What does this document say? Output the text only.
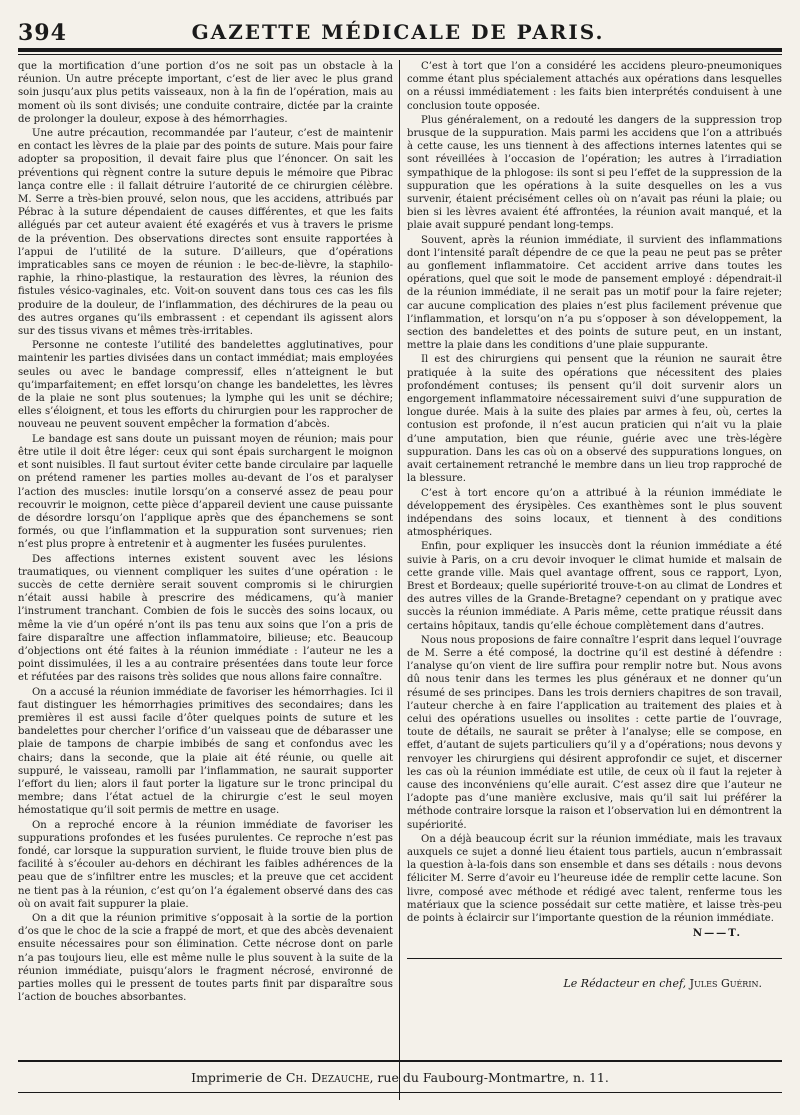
394	GAZETTE MÉDICALE DE PARIS.

que la mortification d’une portion d’os ne soit pas un obstacle à la réunion. Un autre précepte important, c’est de lier avec le plus grand soin jusqu’aux plus petits vaisseaux, non à la fin de l’opération, mais au moment où ils sont divisés; une conduite contraire, dictée par la crainte de prolonger la douleur, expose à des hémorrhagies.

Une autre précaution, recommandée par l’auteur, c’est de maintenir en contact les lèvres de la plaie par des points de suture. Mais pour faire adopter sa proposition, il devait faire plus que l’énoncer. On sait les préventions qui règnent contre la suture depuis le mémoire que Pibrac lança contre elle : il fallait détruire l’autorité de ce chirurgien célèbre. M. Serre a très-bien prouvé, selon nous, que les accidens, attribués par Pébrac à la suture dépendaient de causes différentes, et que les faits allégués par cet auteur avaient été exagérés et vus à travers le prisme de la prévention. Des observations directes sont ensuite rapportées à l’appui de l’utilité de la suture. D’ailleurs, que d’opérations impraticables sans ce moyen de réunion : le bec-de-lièvre, la staphilo-raphie, la rhino-plastique, la restauration des lèvres, la réunion des fistules vésico-vaginales, etc. Voit-on souvent dans tous ces cas les fils produire de la douleur, de l’inflammation, des déchirures de la peau ou des autres organes qu’ils embrassent : et cependant ils agissent alors sur des tissus vivans et mêmes très-irritables.

Personne ne conteste l’utilité des bandelettes agglutinatives, pour maintenir les parties divisées dans un contact immédiat; mais employées seules ou avec le bandage compressif, elles n’atteignent le but qu’imparfaitement; en effet lorsqu’on change les bandelettes, les lèvres de la plaie ne sont plus soutenues; la lymphe qui les unit se déchire; elles s’éloignent, et tous les efforts du chirurgien pour les rapprocher de nouveau ne peuvent souvent empêcher la formation d’abcès.

Le bandage est sans doute un puissant moyen de réunion; mais pour être utile il doit être léger: ceux qui sont épais surchargent le moignon et sont nuisibles. Il faut surtout éviter cette bande circulaire par laquelle on prétend ramener les parties molles au-devant de l’os et paralyser l’action des muscles: inutile lorsqu’on a conservé assez de peau pour recouvrir le moignon, cette pièce d’appareil devient une cause puissante de désordre lorsqu’on l’applique après que des épanchemens se sont formés, ou que l’inflammation et la suppuration sont survenues; rien n’est plus propre à entretenir et à augmenter les fusées purulentes.

Des affections internes existent souvent avec les lésions traumatiques, ou viennent compliquer les suites d’une opération : le succès de cette dernière serait souvent compromis si le chirurgien n’était aussi habile à prescrire des médicamens, qu’à manier l’instrument tranchant. Combien de fois le succès des soins locaux, ou même la vie d’un opéré n’ont ils pas tenu aux soins que l’on a pris de faire disparaître une affection inflammatoire, bilieuse; etc. Beaucoup d’objections ont été faites à la réunion immédiate : l’auteur ne les a point dissimulées, il les a au contraire présentées dans toute leur force et réfutées par des raisons très solides que nous allons faire connaître.

On a accusé la réunion immédiate de favoriser les hémorrhagies. Ici il faut distinguer les hémorrhagies primitives des secondaires; dans les premières il est aussi facile d’ôter quelques points de suture et les bandelettes pour chercher l’orifice d’un vaisseau que de débarasser une plaie de tampons de charpie imbibés de sang et confondus avec les chairs; dans la seconde, que la plaie ait été réunie, ou quelle ait suppuré, le vaisseau, ramolli par l’inflammation, ne saurait supporter l’effort du lien; alors il faut porter la ligature sur le tronc principal du membre; dans l’état actuel de la chirurgie c’est le seul moyen hémostatique qu’il soit permis de mettre en usage.

On a reproché encore à la réunion immédiate de favoriser les suppurations profondes et les fusées purulentes. Ce reproche n’est pas fondé, car lorsque la suppuration survient, le fluide trouve bien plus de facilité à s’écouler au-dehors en déchirant les faibles adhérences de la peau que de s’infiltrer entre les muscles; et la preuve que cet accident ne tient pas à la réunion, c’est qu’on l’a également observé dans des cas où on avait fait suppurer la plaie.

On a dit que la réunion primitive s’opposait à la sortie de la portion d’os que le choc de la scie a frappé de mort, et que des abcès devenaient ensuite nécessaires pour son élimination. Cette nécrose dont on parle n’a pas toujours lieu, elle est même nulle le plus souvent à la suite de la réunion immédiate, puisqu’alors le fragment nécrosé, environné de parties molles qui le pressent de toutes parts finit par disparaître sous l’action de bouches absorbantes.

C’est à tort que l’on a considéré les accidens pleuro-pneumoniques comme étant plus spécialement attachés aux opérations dans lesquelles on a réussi immédiatement : les faits bien interprétés conduisent à une conclusion toute opposée.

Plus généralement, on a redouté les dangers de la suppression trop brusque de la suppuration. Mais parmi les accidens que l’on a attribués à cette cause, les uns tiennent à des affections internes latentes qui se sont réveillées à l’occasion de l’opération; les autres à l’irradiation sympathique de la phlogose: ils sont si peu l’effet de la suppression de la suppuration que les opérations à la suite desquelles on les a vus survenir, étaient précisément celles où on n’avait pas réuni la plaie; ou bien si les lèvres avaient été affrontées, la réunion avait manqué, et la plaie avait suppuré pendant long-temps.

Souvent, après la réunion immédiate, il survient des inflammations dont l’intensité paraît dépendre de ce que la peau ne peut pas se prêter au gonflement inflammatoire. Cet accident arrive dans toutes les opérations, quel que soit le mode de pansement employé : dépendrait-il de la réunion immédiate, il ne serait pas un motif pour la faire rejeter; car aucune complication des plaies n’est plus facilement prévenue que l’inflammation, et lorsqu’on n’a pu s’opposer à son développement, la section des bandelettes et des points de suture peut, en un instant, mettre la plaie dans les conditions d’une plaie suppurante.

Il est des chirurgiens qui pensent que la réunion ne saurait être pratiquée à la suite des opérations que nécessitent des plaies profondément contuses; ils pensent qu’il doit survenir alors un engorgement inflammatoire nécessairement suivi d’une suppuration de longue durée. Mais à la suite des plaies par armes à feu, où, certes la contusion est profonde, il n’est aucun praticien qui n’ait vu la plaie d’une amputation, bien que réunie, guérie avec une très-légère suppuration. Dans les cas où on a observé des suppurations longues, on avait certainement retranché le membre dans un lieu trop rapproché de la blessure.

C’est à tort encore qu’on a attribué à la réunion immédiate le développement des érysipèles. Ces exanthèmes sont le plus souvent indépendans des soins locaux, et tiennent à des conditions atmosphériques.

Enfin, pour expliquer les insuccès dont la réunion immédiate a été suivie à Paris, on a cru devoir invoquer le climat humide et malsain de cette grande ville. Mais quel avantage offrent, sous ce rapport, Lyon, Brest et Bordeaux; quelle supériorité trouve-t-on au climat de Londres et des autres villes de la Grande-Bretagne? cependant on y pratique avec succès la réunion immédiate. A Paris même, cette pratique réussit dans certains hôpitaux, tandis qu’elle échoue complètement dans d’autres.

Nous nous proposions de faire connaître l’esprit dans lequel l’ouvrage de M. Serre a été composé, la doctrine qu’il est destiné à défendre : l’analyse qu’on vient de lire suffira pour remplir notre but. Nous avons dû nous tenir dans les termes les plus généraux et ne donner qu’un résumé de ses principes. Dans les trois derniers chapitres de son travail, l’auteur cherche à en faire l’application au traitement des plaies et à celui des opérations usuelles ou insolites : cette partie de l’ouvrage, toute de détails, ne saurait se prêter à l’analyse; elle se compose, en effet, d’autant de sujets particuliers qu’il y a d’opérations; nous devons y renvoyer les chirurgiens qui désirent approfondir ce sujet, et discerner les cas où la réunion immédiate est utile, de ceux où il faut la rejeter à cause des inconvéniens qu’elle aurait. C’est assez dire que l’auteur ne l’adopte pas d’une manière exclusive, mais qu’il sait lui préférer la méthode contraire lorsque la raison et l’observation lui en démontrent la supériorité.

On a déjà beaucoup écrit sur la réunion immédiate, mais les travaux auxquels ce sujet a donné lieu étaient tous partiels, aucun n’embrassait la question à-la-fois dans son ensemble et dans ses détails : nous devons féliciter M. Serre d’avoir eu l’heureuse idée de remplir cette lacune. Son livre, composé avec méthode et rédigé avec talent, renferme tous les matériaux que la science possédait sur cette matière, et laisse très-peu de points à éclaircir sur l’importante question de la réunion immédiate.

N——T.
Le Rédacteur en chef, Jules Guérin.
Imprimerie de Ch. Dezauche, rue du Faubourg-Montmartre, n. 11.
